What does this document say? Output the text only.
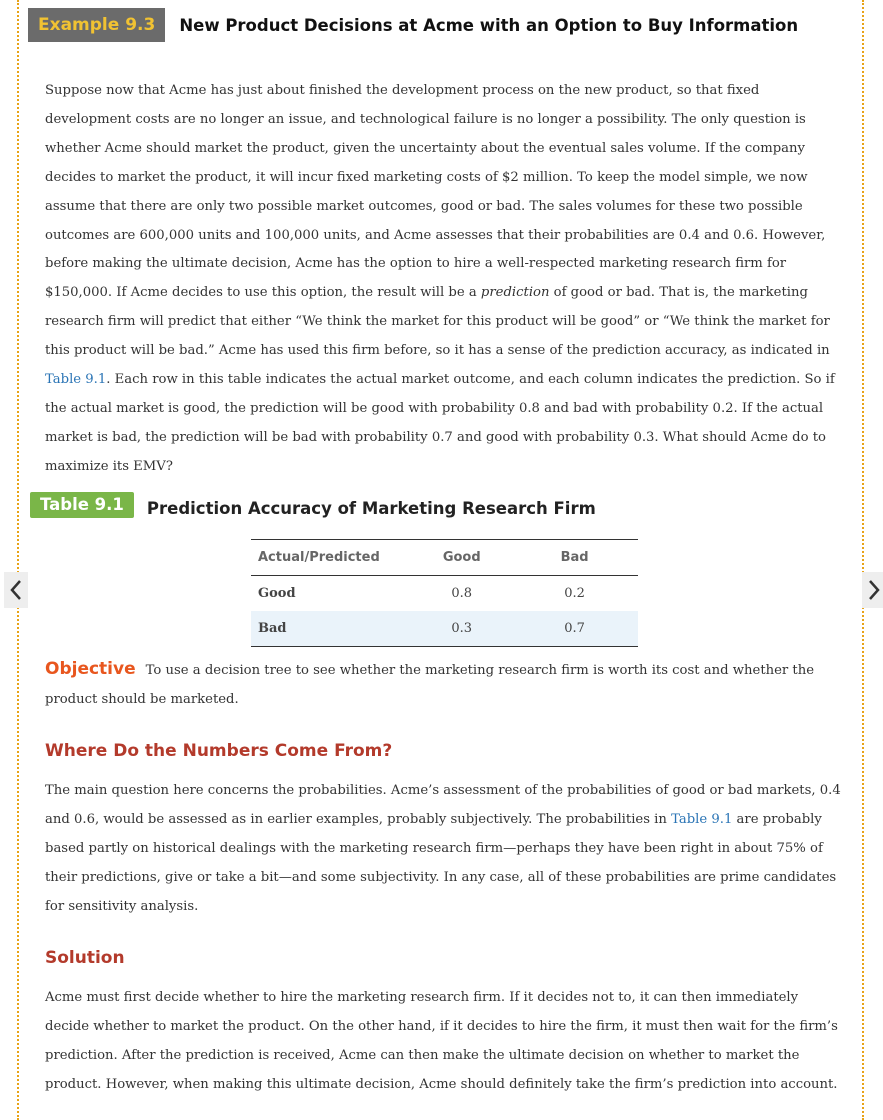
Example 9.3	New Product Decisions at Acme with an Option to Buy Information

Suppose now that Acme has just about finished the development process on the new product, so that fixed development costs are no longer an issue, and technological failure is no longer a possibility. The only question is whether Acme should market the product, given the uncertainty about the eventual sales volume. If the company decides to market the product, it will incur fixed marketing costs of $2 million. To keep the model simple, we now assume that there are only two possible market outcomes, good or bad. The sales volumes for these two possible outcomes are 600,000 units and 100,000 units, and Acme assesses that their probabilities are 0.4 and 0.6. However, before making the ultimate decision, Acme has the option to hire a well-respected marketing research firm for $150,000. If Acme decides to use this option, the result will be a prediction of good or bad. That is, the marketing research firm will predict that either “We think the market for this product will be good” or “We think the market for this product will be bad.” Acme has used this firm before, so it has a sense of the prediction accuracy, as indicated in Table 9.1. Each row in this table indicates the actual market outcome, and each column indicates the prediction. So if the actual market is good, the prediction will be good with probability 0.8 and bad with probability 0.2. If the actual market is bad, the prediction will be bad with probability 0.7 and good with probability 0.3. What should Acme do to maximize its EMV?

Table 9.1	Prediction Accuracy of Marketing Research Firm
Actual/Predicted	Good	Bad
Good	0.8	0.2
Bad	0.3	0.7

Objective To use a decision tree to see whether the marketing research firm is worth its cost and whether the product should be marketed.

Where Do the Numbers Come From?

The main question here concerns the probabilities. Acme’s assessment of the probabilities of good or bad markets, 0.4 and 0.6, would be assessed as in earlier examples, probably subjectively. The probabilities in Table 9.1 are probably based partly on historical dealings with the marketing research firm—perhaps they have been right in about 75% of their predictions, give or take a bit—and some subjectivity. In any case, all of these probabilities are prime candidates for sensitivity analysis.

Solution

Acme must first decide whether to hire the marketing research firm. If it decides not to, it can then immediately decide whether to market the product. On the other hand, if it decides to hire the firm, it must then wait for the firm’s prediction. After the prediction is received, Acme can then make the ultimate decision on whether to market the product. However, when making this ultimate decision, Acme should definitely take the firm’s prediction into account.
